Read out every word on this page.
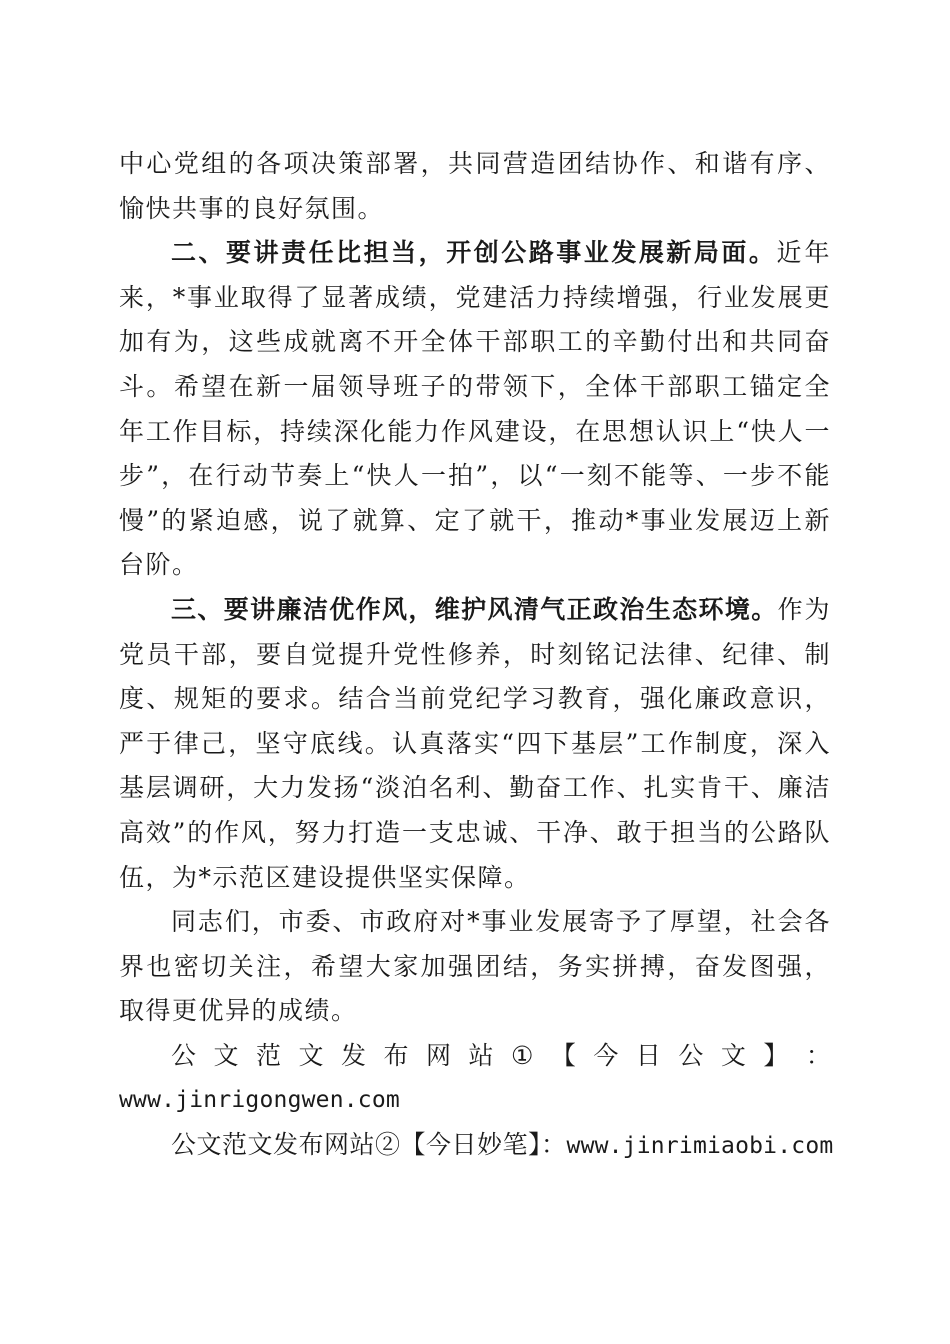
中心党组的各项决策部署，共同营造团结协作、和谐有序、愉快共事的良好氛围。

二、要讲责任比担当，开创公路事业发展新局面。近年来，*事业取得了显著成绩，党建活力持续增强，行业发展更加有为，这些成就离不开全体干部职工的辛勤付出和共同奋斗。希望在新一届领导班子的带领下，全体干部职工锚定全年工作目标，持续深化能力作风建设，在思想认识上“快人一步”，在行动节奏上“快人一拍”，以“一刻不能等、一步不能慢”的紧迫感，说了就算、定了就干，推动*事业发展迈上新台阶。

三、要讲廉洁优作风，维护风清气正政治生态环境。作为党员干部，要自觉提升党性修养，时刻铭记法律、纪律、制度、规矩的要求。结合当前党纪学习教育，强化廉政意识，严于律己，坚守底线。认真落实“四下基层”工作制度，深入基层调研，大力发扬“淡泊名利、勤奋工作、扎实肯干、廉洁高效”的作风，努力打造一支忠诚、干净、敢于担当的公路队伍，为*示范区建设提供坚实保障。

同志们，市委、市政府对*事业发展寄予了厚望，社会各界也密切关注，希望大家加强团结，务实拼搏，奋发图强，取得更优异的成绩。

公 文 范 文 发 布 网 站 ① 【 今 日 公 文 】 ：
www.jinrigongwen.com
公文范文发布网站②【今日妙笔】：www.jinrimiaobi.com
